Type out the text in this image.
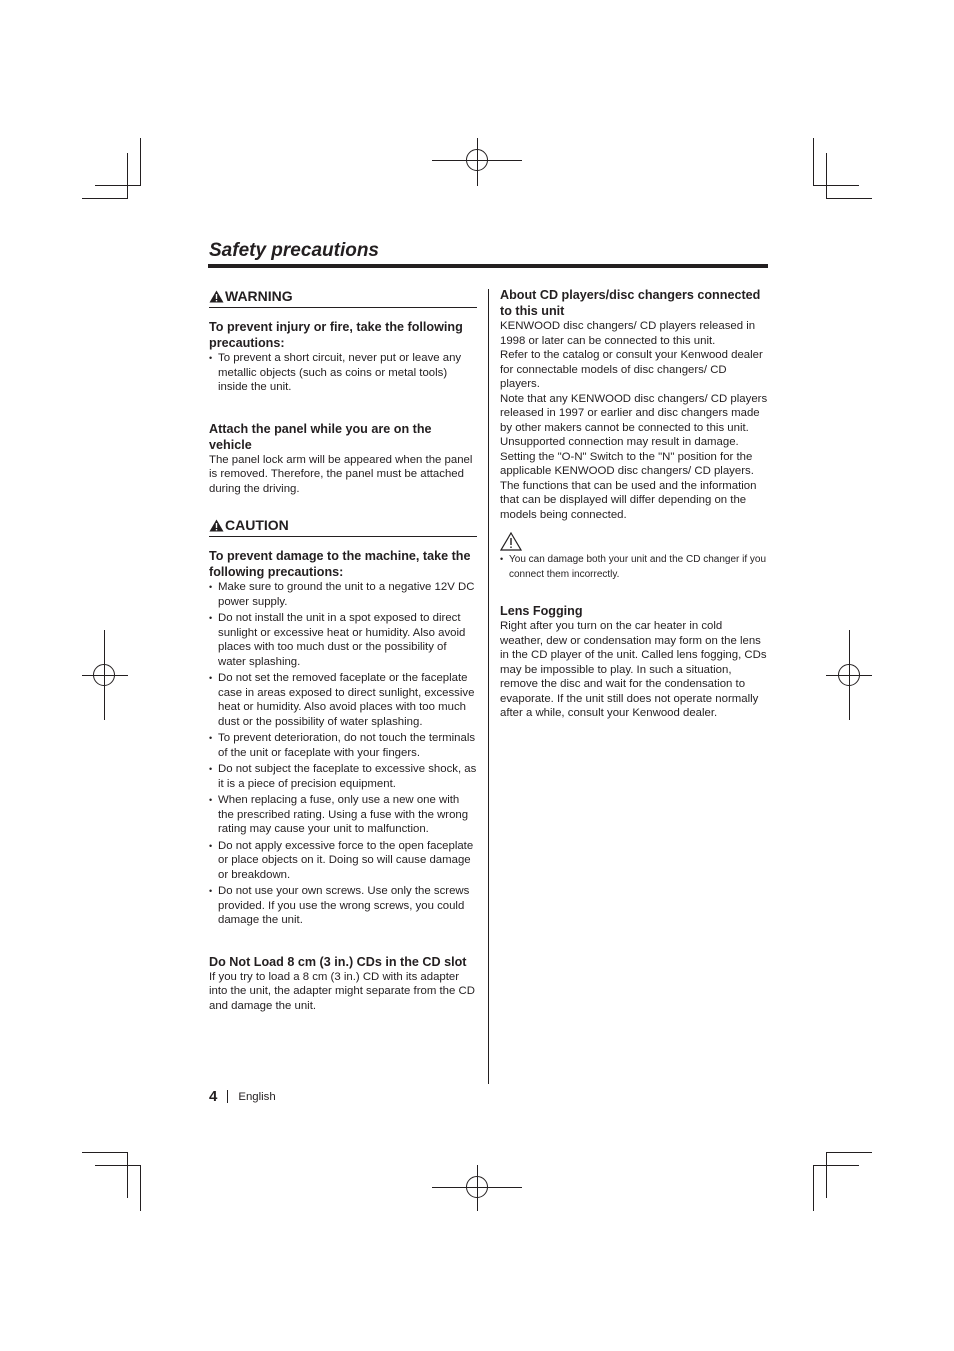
Safety precautions
WARNING

To prevent injury or fire, take the following precautions:

• To prevent a short circuit, never put or leave any metallic objects (such as coins or metal tools) inside the unit.

Attach the panel while you are on the vehicle

The panel lock arm will be appeared when the panel is removed. Therefore, the panel must be attached during the driving.

CAUTION

To prevent damage to the machine, take the following precautions:

• Make sure to ground the unit to a negative 12V DC power supply.
• Do not install the unit in a spot exposed to direct sunlight or excessive heat or humidity. Also avoid places with too much dust or the possibility of water splashing.
• Do not set the removed faceplate or the faceplate case in areas exposed to direct sunlight, excessive heat or humidity. Also avoid places with too much dust or the possibility of water splashing.
• To prevent deterioration, do not touch the terminals of the unit or faceplate with your fingers.
• Do not subject the faceplate to excessive shock, as it is a piece of precision equipment.
• When replacing a fuse, only use a new one with the prescribed rating. Using a fuse with the wrong rating may cause your unit to malfunction.
• Do not apply excessive force to the open faceplate or place objects on it. Doing so will cause damage or breakdown.
• Do not use your own screws. Use only the screws provided. If you use the wrong screws, you could damage the unit.

Do Not Load 8 cm (3 in.) CDs in the CD slot

If you try to load a 8 cm (3 in.) CD with its adapter into the unit, the adapter might separate from the CD and damage the unit.

About CD players/disc changers connected to this unit

KENWOOD disc changers/ CD players released in 1998 or later can be connected to this unit.

Refer to the catalog or consult your Kenwood dealer for connectable models of disc changers/ CD players.

Note that any KENWOOD disc changers/ CD players released in 1997 or earlier and disc changers made by other makers cannot be connected to this unit.

Unsupported connection may result in damage.

Setting the "O-N" Switch to the "N" position for the applicable KENWOOD disc changers/ CD players.

The functions that can be used and the information that can be displayed will differ depending on the models being connected.

• You can damage both your unit and the CD changer if you connect them incorrectly.

Lens Fogging

Right after you turn on the car heater in cold weather, dew or condensation may form on the lens in the CD player of the unit. Called lens fogging, CDs may be impossible to play. In such a situation, remove the disc and wait for the condensation to evaporate. If the unit still does not operate normally after a while, consult your Kenwood dealer.

4 English
